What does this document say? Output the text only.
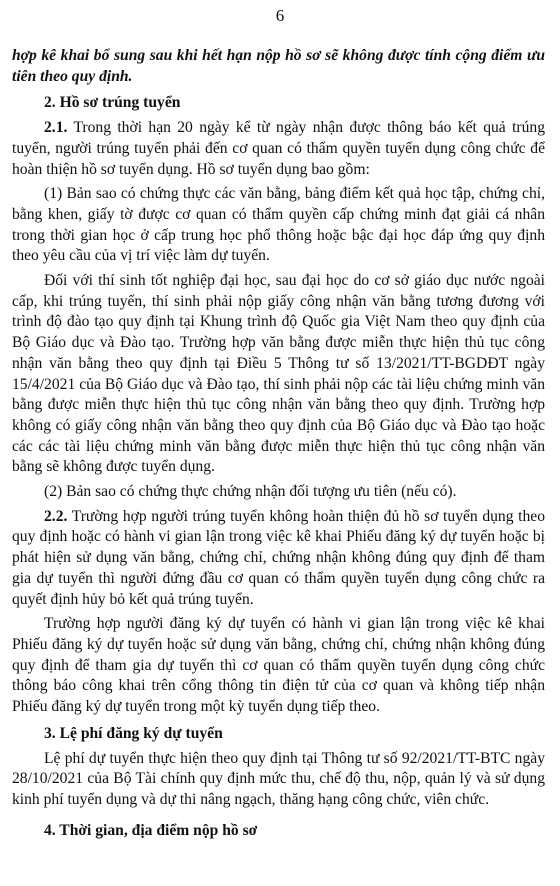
6

hợp kê khai bổ sung sau khi hết hạn nộp hồ sơ sẽ không được tính cộng điểm ưu tiên theo quy định.

2. Hồ sơ trúng tuyển

2.1. Trong thời hạn 20 ngày kể từ ngày nhận được thông báo kết quả trúng tuyển, người trúng tuyển phải đến cơ quan có thẩm quyền tuyển dụng công chức để hoàn thiện hồ sơ tuyển dụng. Hồ sơ tuyển dụng bao gồm:

(1) Bản sao có chứng thực các văn bằng, bảng điểm kết quả học tập, chứng chỉ, bằng khen, giấy tờ được cơ quan có thẩm quyền cấp chứng minh đạt giải cá nhân trong thời gian học ở cấp trung học phổ thông hoặc bậc đại học đáp ứng quy định theo yêu cầu của vị trí việc làm dự tuyển.

Đối với thí sinh tốt nghiệp đại học, sau đại học do cơ sở giáo dục nước ngoài cấp, khi trúng tuyển, thí sinh phải nộp giấy công nhận văn bằng tương đương với trình độ đào tạo quy định tại Khung trình độ Quốc gia Việt Nam theo quy định của Bộ Giáo dục và Đào tạo. Trường hợp văn bằng được miễn thực hiện thủ tục công nhận văn bằng theo quy định tại Điều 5 Thông tư số 13/2021/TT-BGDĐT ngày 15/4/2021 của Bộ Giáo dục và Đào tạo, thí sinh phải nộp các tài liệu chứng minh văn bằng được miễn thực hiện thủ tục công nhận văn bằng theo quy định. Trường hợp không có giấy công nhận văn bằng theo quy định của Bộ Giáo dục và Đào tạo hoặc các các tài liệu chứng minh văn bằng được miễn thực hiện thủ tục công nhận văn bằng sẽ không được tuyển dụng.

(2) Bản sao có chứng thực chứng nhận đối tượng ưu tiên (nếu có).

2.2. Trường hợp người trúng tuyển không hoàn thiện đủ hồ sơ tuyển dụng theo quy định hoặc có hành vi gian lận trong việc kê khai Phiếu đăng ký dự tuyển hoặc bị phát hiện sử dụng văn bằng, chứng chỉ, chứng nhận không đúng quy định để tham gia dự tuyển thì người đứng đầu cơ quan có thẩm quyền tuyển dụng công chức ra quyết định hủy bỏ kết quả trúng tuyển.

Trường hợp người đăng ký dự tuyển có hành vi gian lận trong việc kê khai Phiếu đăng ký dự tuyển hoặc sử dụng văn bằng, chứng chỉ, chứng nhận không đúng quy định để tham gia dự tuyển thì cơ quan có thẩm quyền tuyển dụng công chức thông báo công khai trên cổng thông tin điện tử của cơ quan và không tiếp nhận Phiếu đăng ký dự tuyển trong một kỳ tuyển dụng tiếp theo.

3. Lệ phí đăng ký dự tuyển

Lệ phí dự tuyển thực hiện theo quy định tại Thông tư số 92/2021/TT-BTC ngày 28/10/2021 của Bộ Tài chính quy định mức thu, chế độ thu, nộp, quản lý và sử dụng kinh phí tuyển dụng và dự thi nâng ngạch, thăng hạng công chức, viên chức.

4. Thời gian, địa điểm nộp hồ sơ
